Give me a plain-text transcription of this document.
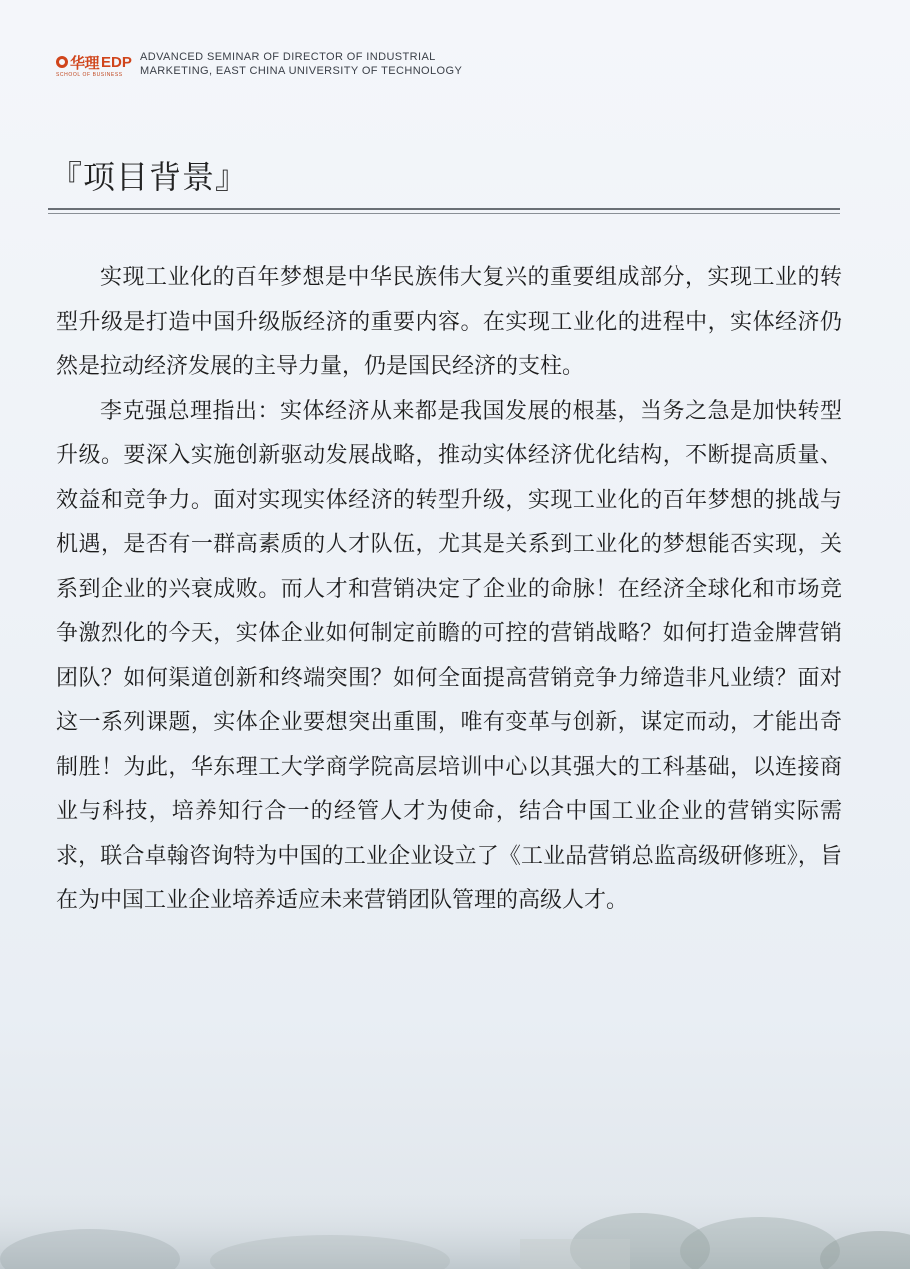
华理 EDP
SCHOOL OF BUSINESS
ADVANCED SEMINAR OF DIRECTOR OF INDUSTRIAL
MARKETING, EAST CHINA UNIVERSITY OF TECHNOLOGY
『项目背景』

实现工业化的百年梦想是中华民族伟大复兴的重要组成部分，实现工业的转型升级是打造中国升级版经济的重要内容。在实现工业化的进程中，实体经济仍然是拉动经济发展的主导力量，仍是国民经济的支柱。

李克强总理指出：实体经济从来都是我国发展的根基，当务之急是加快转型升级。要深入实施创新驱动发展战略，推动实体经济优化结构，不断提高质量、效益和竞争力。面对实现实体经济的转型升级，实现工业化的百年梦想的挑战与机遇，是否有一群高素质的人才队伍，尤其是关系到工业化的梦想能否实现，关系到企业的兴衰成败。而人才和营销决定了企业的命脉！在经济全球化和市场竞争激烈化的今天，实体企业如何制定前瞻的可控的营销战略？如何打造金牌营销团队？如何渠道创新和终端突围？如何全面提高营销竞争力缔造非凡业绩？面对这一系列课题，实体企业要想突出重围，唯有变革与创新，谋定而动，才能出奇制胜！为此，华东理工大学商学院高层培训中心以其强大的工科基础，以连接商业与科技，培养知行合一的经管人才为使命，结合中国工业企业的营销实际需求，联合卓翰咨询特为中国的工业企业设立了《工业品营销总监高级研修班》，旨在为中国工业企业培养适应未来营销团队管理的高级人才。
